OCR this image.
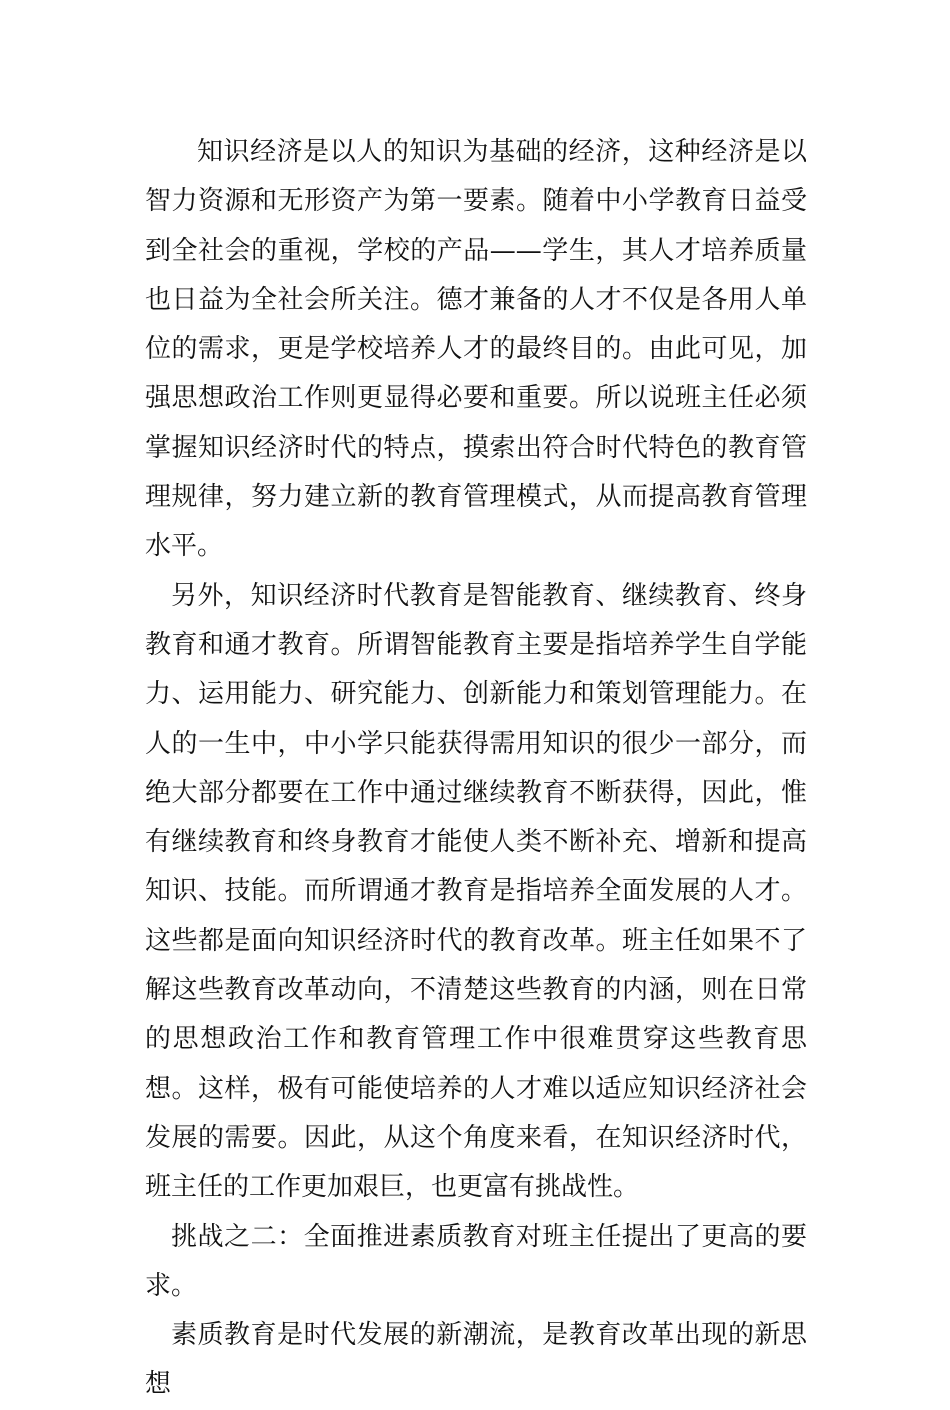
知识经济是以人的知识为基础的经济，这种经济是以智力资源和无形资产为第一要素。随着中小学教育日益受到全社会的重视，学校的产品——学生，其人才培养质量也日益为全社会所关注。德才兼备的人才不仅是各用人单位的需求，更是学校培养人才的最终目的。由此可见，加强思想政治工作则更显得必要和重要。所以说班主任必须掌握知识经济时代的特点，摸索出符合时代特色的教育管理规律，努力建立新的教育管理模式，从而提高教育管理水平。

另外，知识经济时代教育是智能教育、继续教育、终身教育和通才教育。所谓智能教育主要是指培养学生自学能力、运用能力、研究能力、创新能力和策划管理能力。在人的一生中，中小学只能获得需用知识的很少一部分，而绝大部分都要在工作中通过继续教育不断获得，因此，惟有继续教育和终身教育才能使人类不断补充、增新和提高知识、技能。而所谓通才教育是指培养全面发展的人才。这些都是面向知识经济时代的教育改革。班主任如果不了解这些教育改革动向，不清楚这些教育的内涵，则在日常的思想政治工作和教育管理工作中很难贯穿这些教育思想。这样，极有可能使培养的人才难以适应知识经济社会发展的需要。因此，从这个角度来看，在知识经济时代，班主任的工作更加艰巨，也更富有挑战性。

挑战之二：全面推进素质教育对班主任提出了更高的要求。

素质教育是时代发展的新潮流，是教育改革出现的新思想
